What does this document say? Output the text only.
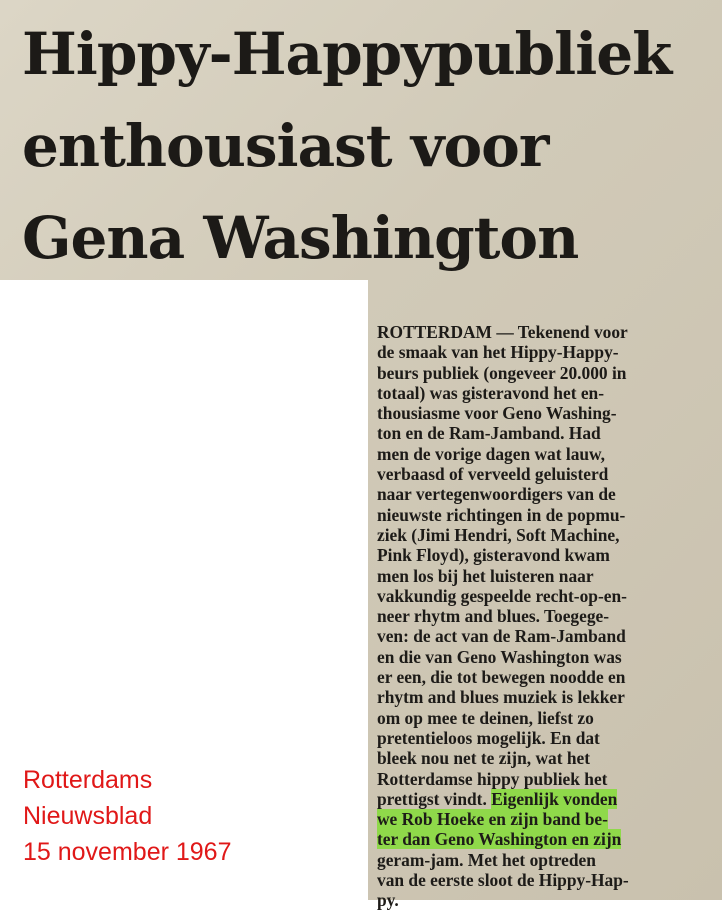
Hippy-Happypubliek
enthousiast voor
Gena Washington
ROTTERDAM — Tekenend voor
de smaak van het Hippy-Happy-
beurs publiek (ongeveer 20.000 in
totaal) was gisteravond het en-
thousiasme voor Geno Washing-
ton en de Ram-Jamband. Had
men de vorige dagen wat lauw,
verbaasd of verveeld geluisterd
naar vertegenwoordigers van de
nieuwste richtingen in de popmu-
ziek (Jimi Hendri, Soft Machine,
Pink Floyd), gisteravond kwam
men los bij het luisteren naar
vakkundig gespeelde recht-op-en-
neer rhytm and blues. Toegege-
ven: de act van de Ram-Jamband
en die van Geno Washington was
er een, die tot bewegen noodde en
rhytm and blues muziek is lekker
om op mee te deinen, liefst zo
pretentieloos mogelijk. En dat
bleek nou net te zijn, wat het
Rotterdamse hippy publiek het
prettigst vindt. Eigenlijk vonden
we Rob Hoeke en zijn band be-
ter dan Geno Washington en zijn
geram-jam. Met het optreden
van de eerste sloot de Hippy-Hap-
py.
Rotterdams
Nieuwsblad
15 november 1967
